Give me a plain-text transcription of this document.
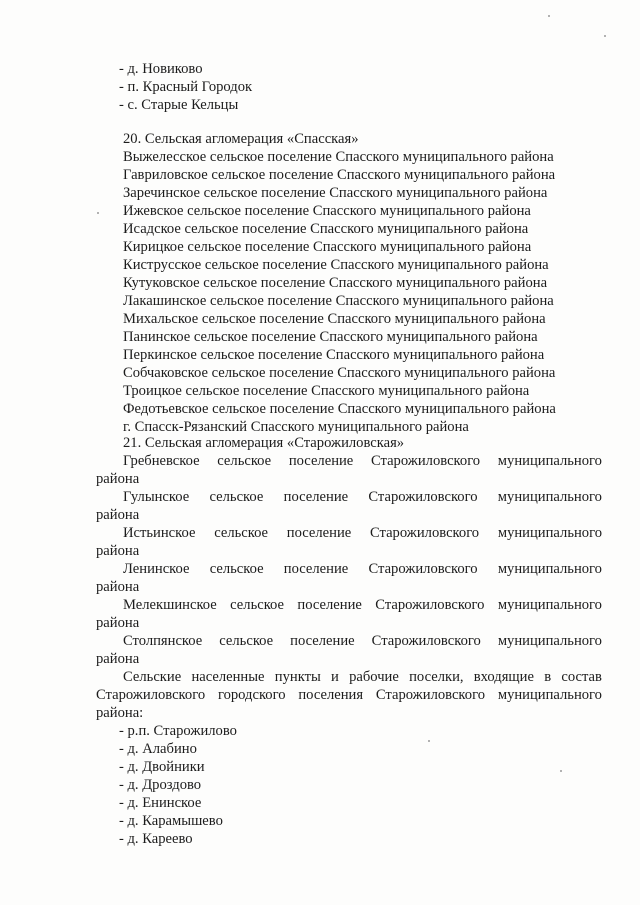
- д. Новиково
- п. Красный Городок
- с. Старые Кельцы
20. Сельская агломерация «Спасская»
Выжелесское сельское поселение Спасского муниципального района
Гавриловское сельское поселение Спасского муниципального района
Заречинское сельское поселение Спасского муниципального района
Ижевское сельское поселение Спасского муниципального района
Исадское сельское поселение Спасского муниципального района
Кирицкое сельское поселение Спасского муниципального района
Киструсское сельское поселение Спасского муниципального района
Кутуковское сельское поселение Спасского муниципального района
Лакашинское сельское поселение Спасского муниципального района
Михальское сельское поселение Спасского муниципального района
Панинское сельское поселение Спасского муниципального района
Перкинское сельское поселение Спасского муниципального района
Собчаковское сельское поселение Спасского муниципального района
Троицкое сельское поселение Спасского муниципального района
Федотьевское сельское поселение Спасского муниципального района
г. Спасск-Рязанский Спасского муниципального района
21. Сельская агломерация «Старожиловская»
Гребневское сельское поселение Старожиловского муниципального
района
Гулынское сельское поселение Старожиловского муниципального
района
Истьинское сельское поселение Старожиловского муниципального
района
Ленинское сельское поселение Старожиловского муниципального
района
Мелекшинское сельское поселение Старожиловского муниципального
района
Столпянское сельское поселение Старожиловского муниципального
района
Сельские населенные пункты и рабочие поселки, входящие в состав
Старожиловского городского поселения Старожиловского муниципального
района:
- р.п. Старожилово
- д. Алабино
- д. Двойники
- д. Дроздово
- д. Енинское
- д. Карамышево
- д. Кареево
